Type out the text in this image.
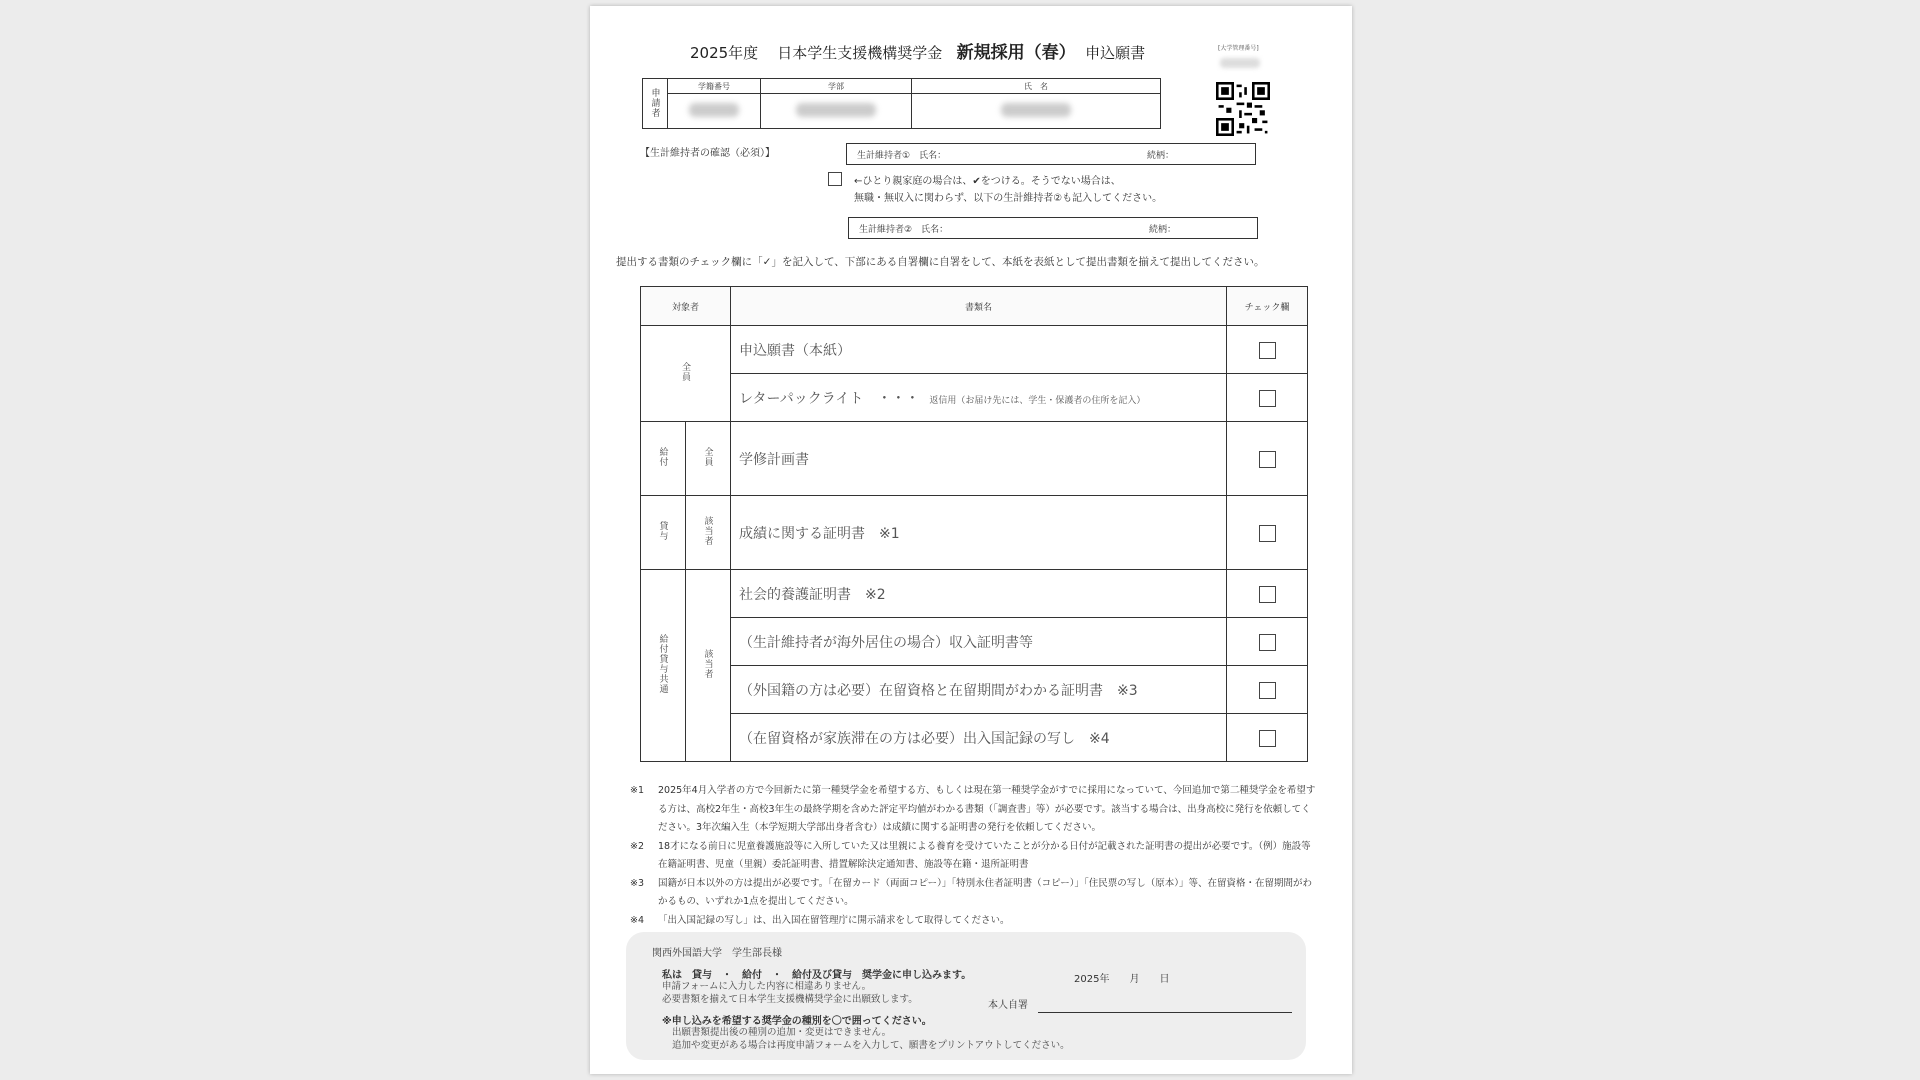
2025年度 日本学生支援機構奨学金 新規採用（春） 申込願書	[大学管理番号]
申請者	学籍番号	学部	氏　名

【生計維持者の確認（必須）】	生計維持者①　氏名：	続柄：
←ひとり親家庭の場合は、✔をつける。そうでない場合は、
無職・無収入に関わらず、以下の生計維持者②も記入してください。
生計維持者②　氏名：	続柄：
提出する書類のチェック欄に「✓」を記入して、下部にある自署欄に自署をして、本紙を表紙として提出書類を揃えて提出してください。
対象者		書類名	チェック欄
全員		申込願書（本紙）	
		レターパックライト　・・・ 返信用（お届け先には、学生・保護者の住所を記入）	
給付	全員	学修計画書	
貸与	該当者	成績に関する証明書　※1	
給付貸与共通	該当者	社会的養護証明書　※2	
		（生計維持者が海外居住の場合）収入証明書等	
		（外国籍の方は必要）在留資格と在留期間がわかる証明書　※3	
		（在留資格が家族滞在の方は必要）出入国記録の写し　※4	
※1	2025年4月入学者の方で今回新たに第一種奨学金を希望する方、もしくは現在第一種奨学金がすでに採用になっていて、今回追加で第二種奨学金を希望する方は、高校2年生・高校3年生の最終学期を含めた評定平均値がわかる書類（「調査書」等）が必要です。該当する場合は、出身高校に発行を依頼してください。3年次編入生（本学短期大学部出身者含む）は成績に関する証明書の発行を依頼してください。
※2	18才になる前日に児童養護施設等に入所していた又は里親による養育を受けていたことが分かる日付が記載された証明書の提出が必要です。（例）施設等在籍証明書、児童（里親）委託証明書、措置解除決定通知書、施設等在籍・退所証明書
※3	国籍が日本以外の方は提出が必要です。「在留カード（両面コピー）」「特別永住者証明書（コピー）」「住民票の写し（原本）」等、在留資格・在留期間がわかるもの、いずれか1点を提出してください。
※4	「出入国記録の写し」は、出入国在留管理庁に開示請求をして取得してください。
関西外国語大学　学生部長様
私は　貸与　・　給付　・　給付及び貸与　奨学金に申し込みます。
申請フォームに入力した内容に相違ありません。
必要書類を揃えて日本学生支援機構奨学金に出願致します。
2025年　　月　　日
本人自署
※申し込みを希望する奨学金の種別を〇で囲ってください。
出願書類提出後の種別の追加・変更はできません。
追加や変更がある場合は再度申請フォームを入力して、願書をプリントアウトしてください。
